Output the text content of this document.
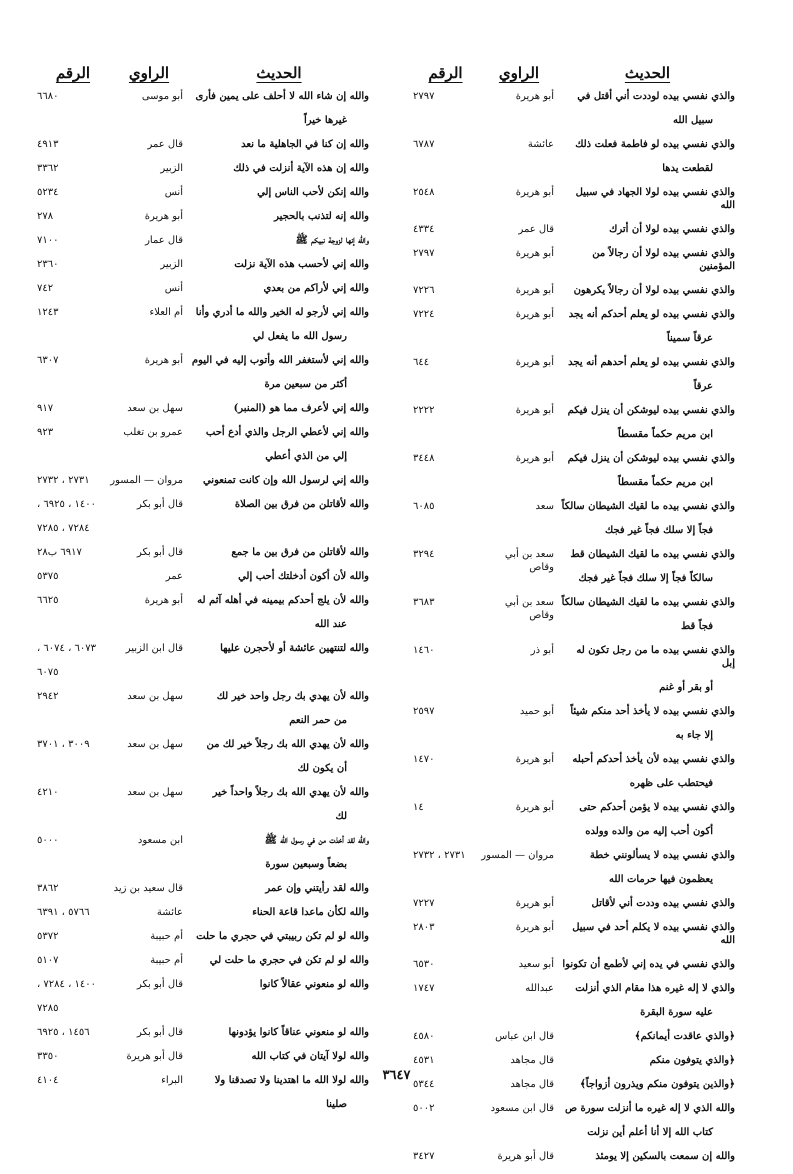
الحديث
الراوي
الرقم
والذي نفسي بيده لوددت أني أقتل في
سبيل الله
أبو هريرة
٢٧٩٧
والذي نفسي بيده لو فاطمة فعلت ذلك
لقطعت يدها
عائشة
٦٧٨٧
والذي نفسي بيده لولا الجهاد في سبيل الله
أبو هريرة
٢٥٤٨
والذي نفسي بيده لولا أن أترك
قال عمر
٤٣٣٤
والذي نفسي بيده لولا أن رجالاً من المؤمنين
أبو هريرة
٢٧٩٧
والذي نفسي بيده لولا أن رجالاً يكرهون
أبو هريرة
٧٢٢٦
والذي نفسي بيده لو يعلم أحدكم أنه يجد
عرقاً سميناً
أبو هريرة
٧٢٢٤
والذي نفسي بيده لو يعلم أحدهم أنه يجد
عرقاً
أبو هريرة
٦٤٤
والذي نفسي بيده ليوشكن أن ينزل فيكم
ابن مريم حكماً مقسطاً
أبو هريرة
٢٢٢٢
والذي نفسي بيده ليوشكن أن ينزل فيكم
ابن مريم حكماً مقسطاً
أبو هريرة
٣٤٤٨
والذي نفسي بيده ما لقيك الشيطان سالكاً
فجاً إلا سلك فجاً غير فجك
سعد
٦٠٨٥
والذي نفسي بيده ما لقيك الشيطان قط
سالكاً فجاً إلا سلك فجاً غير فجك
سعد بن أبي وقاص
٣٢٩٤
والذي نفسي بيده ما لقيك الشيطان سالكاً
فجاً قط
سعد بن أبي وقاص
٣٦٨٣
والذي نفسي بيده ما من رجل تكون له إبل
أو بقر أو غنم
أبو ذر
١٤٦٠
والذي نفسي بيده لا يأخذ أحد منكم شيئاً
إلا جاء به
أبو حميد
٢٥٩٧
والذي نفسي بيده لأن يأخذ أحدكم أحبله
فيحتطب على ظهره
أبو هريرة
١٤٧٠
والذي نفسي بيده لا يؤمن أحدكم حتى
أكون أحب إليه من والده وولده
أبو هريرة
١٤
والذي نفسي بيده لا يسألونني خطة
يعظمون فيها حرمات الله
مروان — المسور
٢٧٣١ ، ٢٧٣٢
والذي نفسي بيده وددت أني لأقاتل
أبو هريرة
٧٢٢٧
والذي نفسي بيده لا يكلم أحد في سبيل الله
أبو هريرة
٢٨٠٣
والذي نفسي في يده إني لأطمع أن تكونوا
أبو سعيد
٦٥٣٠
والذي لا إله غيره هذا مقام الذي أنزلت
عليه سورة البقرة
عبدالله
١٧٤٧
﴿والذي عاقدت أيمانكم﴾
قال ابن عباس
٤٥٨٠
﴿والذي يتوفون منكم
قال مجاهد
٤٥٣١
﴿والذين يتوفون منكم ويذرون أزواجاً﴾
قال مجاهد
٥٣٤٤
والله الذي لا إله غيره ما أنزلت سورة ص
كتاب الله إلا أنا أعلم أين نزلت
قال ابن مسعود
٥٠٠٢
والله إن سمعت بالسكين إلا يومئذ
قال أبو هريرة
٣٤٢٧
الحديث
الراوي
الرقم
والله إن شاء الله لا أحلف على يمين فأرى
غيرها خيراً
أبو موسى
٦٦٨٠
والله إن كنا في الجاهلية ما نعد
قال عمر
٤٩١٣
والله إن هذه الآية أنزلت في ذلك
الزبير
٣٣٦٢
والله إنكن لأحب الناس إلي
أنس
٥٢٣٤
والله إنه لتذنب بالحجير
أبو هريرة
٢٧٨
والله إنها لزوجة نبيكم ﷺ
قال عمار
٧١٠٠
والله إني لأحسب هذه الآية نزلت
الزبير
٢٣٦٠
والله إني لأراكم من بعدي
أنس
٧٤٢
والله إني لأرجو له الخير والله ما أدري وأنا
رسول الله ما يفعل لي
أم العلاء
١٢٤٣
والله إني لأستغفر الله وأتوب إليه في اليوم
أكثر من سبعين مرة
أبو هريرة
٦٣٠٧
والله إني لأعرف مما هو (المنبر)
سهل بن سعد
٩١٧
والله إني لأعطي الرجل والذي أدع أحب
إلي من الذي أعطي
عمرو بن تغلب
٩٢٣
والله إني لرسول الله وإن كانت تمنعوني
مروان — المسور
٢٧٣١ ، ٢٧٣٢
والله لأقاتلن من فرق بين الصلاة
قال أبو بكر
١٤٠٠ ، ٦٩٢٥ ،
٧٢٨٤ ، ٧٢٨٥
والله لأقاتلن من فرق بين ما جمع
قال أبو بكر
٦٩١٧ ب٢٨
والله لأن أكون أدخلتك أحب إلي
عمر
٥٣٧٥
والله لأن يلج أحدكم بيمينه في أهله آثم له
عند الله
أبو هريرة
٦٦٢٥
والله لتنتهين عائشة أو لأحجرن عليها
قال ابن الزبير
٦٠٧٣ ، ٦٠٧٤ ،
٦٠٧٥
والله لأن يهدي بك رجل واحد خير لك
من حمر النعم
سهل بن سعد
٢٩٤٢
والله لأن يهدي الله بك رجلاً خير لك من
أن يكون لك
سهل بن سعد
٣٠٠٩ ، ٣٧٠١
والله لأن يهدي الله بك رجلاً واحداً خير
لك
سهل بن سعد
٤٢١٠
والله لقد أخذت من في رسول الله ﷺ
بضعاً وسبعين سورة
ابن مسعود
٥٠٠٠
والله لقد رأيتني وإن عمر
قال سعيد بن زيد
٣٨٦٢
والله لكأن ماعدا قاعة الحناء
عائشة
٥٧٦٦ ، ٦٣٩١
والله لو لم تكن ربيبتي في حجري ما حلت
أم حبيبة
٥٣٧٢
والله لو لم تكن في حجري ما حلت لي
أم حبيبة
٥١٠٧
والله لو منعوني عقالاً كانوا
قال أبو بكر
١٤٠٠ ، ٧٢٨٤ ،
٧٢٨٥
والله لو منعوني عناقاً كانوا يؤدونها
قال أبو بكر
١٤٥٦ ، ٦٩٢٥
والله لولا آيتان في كتاب الله
قال أبو هريرة
٣٣٥٠
والله لولا الله ما اهتدينا ولا تصدقنا ولا
صلينا
البراء
٤١٠٤	٣٦٤٧
